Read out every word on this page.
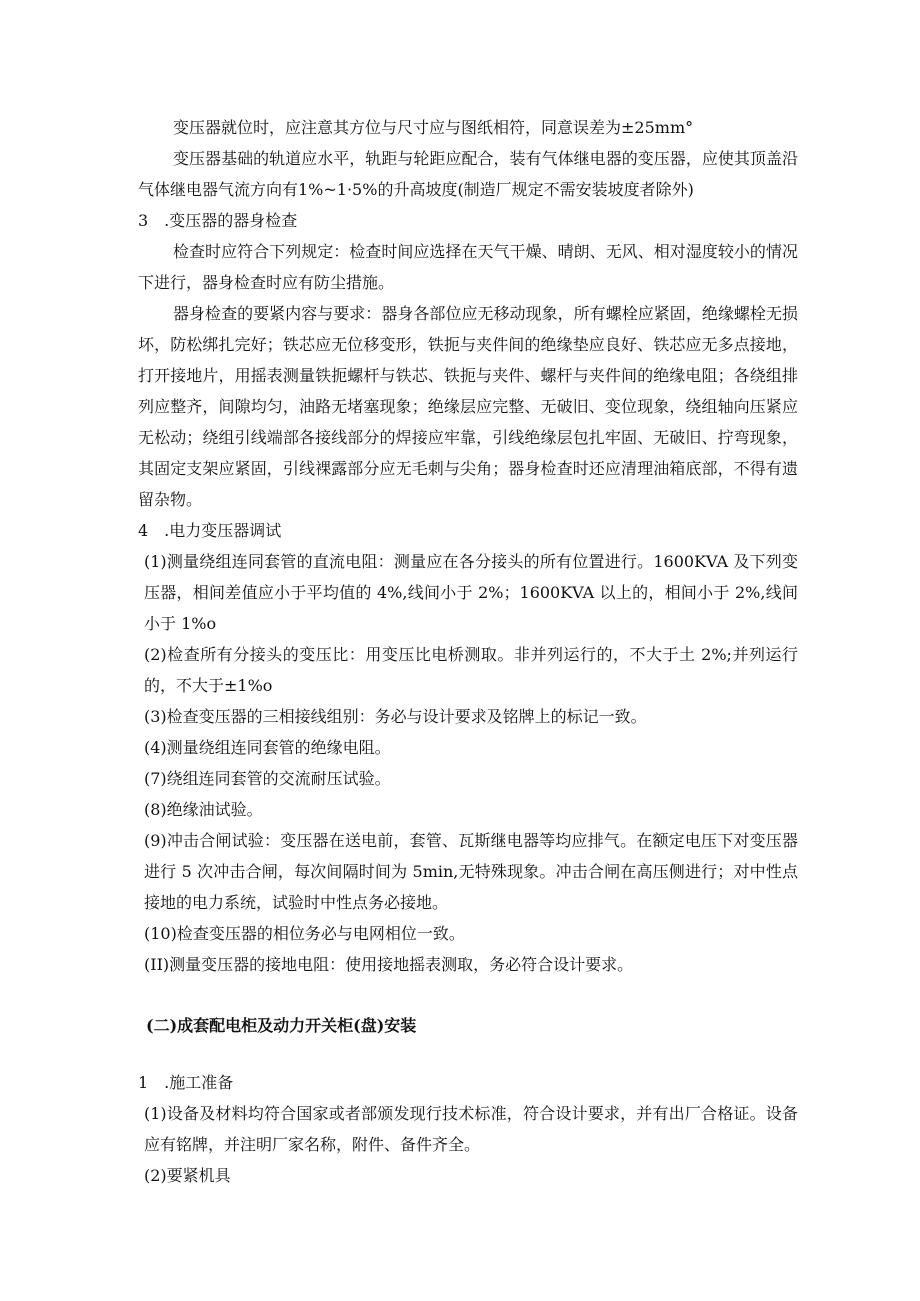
变压器就位时，应注意其方位与尺寸应与图纸相符，同意误差为±25mm°

变压器基础的轨道应水平，轨距与轮距应配合，装有气体继电器的变压器，应使其顶盖沿气体继电器气流方向有1%~1·5%的升高坡度(制造厂规定不需安装坡度者除外)

3　.变压器的器身检查

检查时应符合下列规定：检查时间应选择在天气干燥、晴朗、无风、相对湿度较小的情况下进行，器身检查时应有防尘措施。

器身检查的要紧内容与要求：器身各部位应无移动现象，所有螺栓应紧固，绝缘螺栓无损坏，防松绑扎完好；铁芯应无位移变形，铁扼与夹件间的绝缘垫应良好、铁芯应无多点接地，打开接地片，用摇表测量铁扼螺杆与铁芯、铁扼与夹件、螺杆与夹件间的绝缘电阻；各绕组排列应整齐，间隙均匀，油路无堵塞现象；绝缘层应完整、无破旧、变位现象，绕组轴向压紧应无松动；绕组引线端部各接线部分的焊接应牢靠，引线绝缘层包扎牢固、无破旧、拧弯现象，其固定支架应紧固，引线裸露部分应无毛刺与尖角；器身检查时还应清理油箱底部，不得有遗留杂物。

4　.电力变压器调试

(1)测量绕组连同套管的直流电阻：测量应在各分接头的所有位置进行。1600KVA 及下列变压器，相间差值应小于平均值的 4%,线间小于 2%；1600KVA 以上的，相间小于 2%,线间小于 1%o

(2)检查所有分接头的变压比：用变压比电桥测取。非并列运行的，不大于土 2%;并列运行的，不大于±1%o

(3)检查变压器的三相接线组别：务必与设计要求及铭牌上的标记一致。

(4)测量绕组连同套管的绝缘电阻。

(7)绕组连同套管的交流耐压试验。

(8)绝缘油试验。

(9)冲击合闸试验：变压器在送电前，套管、瓦斯继电器等均应排气。在额定电压下对变压器进行 5 次冲击合闸，每次间隔时间为 5min,无特殊现象。冲击合闸在高压侧进行；对中性点接地的电力系统，试验时中性点务必接地。

(10)检查变压器的相位务必与电网相位一致。

(II)测量变压器的接地电阻：使用接地摇表测取，务必符合设计要求。

(二)成套配电柜及动力开关柜(盘)安装

1　.施工准备

(1)设备及材料均符合国家或者部颁发现行技术标准，符合设计要求，并有出厂合格证。设备应有铭牌，并注明厂家名称，附件、备件齐全。

(2)要紧机具
